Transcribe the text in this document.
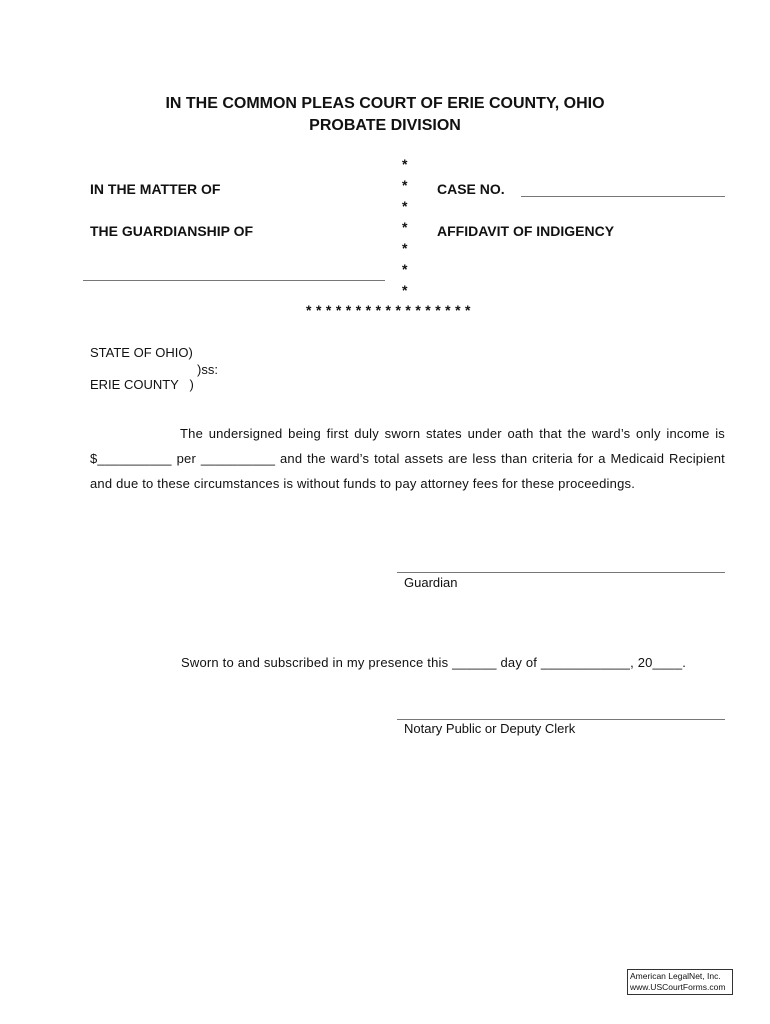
IN THE COMMON PLEAS COURT OF ERIE COUNTY, OHIO
PROBATE DIVISION
IN THE MATTER OF
THE GUARDIANSHIP OF
*
*
*
*
*
*
*
CASE NO.
AFFIDAVIT OF INDIGENCY
* * * * * * * * * * * * * * * * *
STATE OF OHIO)
)ss:
ERIE COUNTY   )
The undersigned being first duly sworn states under oath that the ward’s only income is $__________ per __________ and the ward’s total assets are less than criteria for a Medicaid Recipient and due to these circumstances is without funds to pay attorney fees for these proceedings.
Guardian
Sworn to and subscribed in my presence this ______ day of ____________, 20____.
Notary Public or Deputy Clerk
American LegalNet, Inc.
www.USCourtForms.com
